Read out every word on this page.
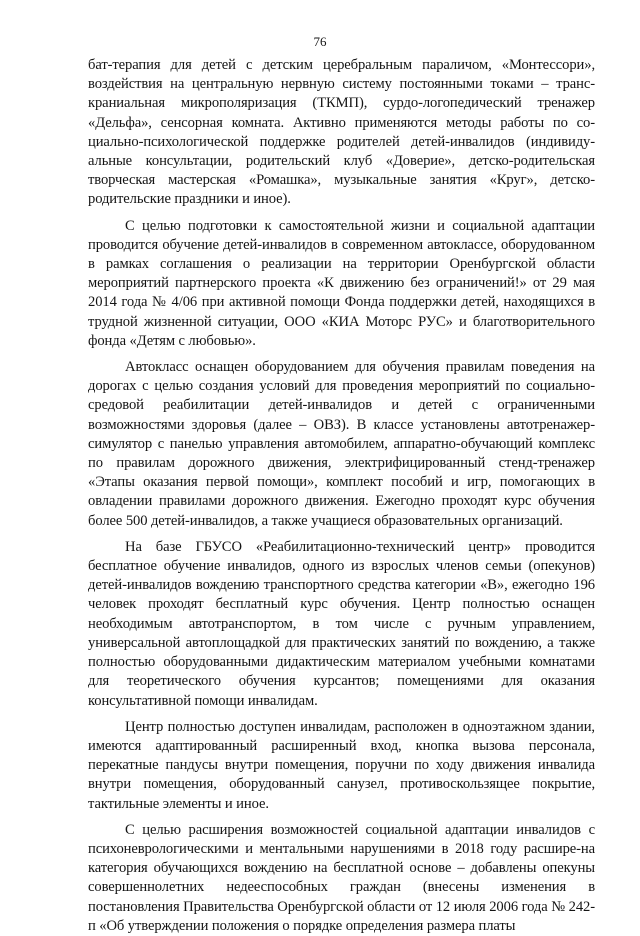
76

бат-терапия для детей с детским церебральным параличом, «Монтессори», воздействия на центральную нервную систему постоянными токами – транс-краниальная микрополяризация (ТКМП), сурдо-логопедический тренажер «Дельфа», сенсорная комната. Активно применяются методы работы по со-циально-психологической поддержке родителей детей-инвалидов (индивиду-альные консультации, родительский клуб «Доверие», детско-родительская творческая мастерская «Ромашка», музыкальные занятия «Круг», детско-родительские праздники и иное).

С целью подготовки к самостоятельной жизни и социальной адаптации проводится обучение детей-инвалидов в современном автоклассе, оборудованном в рамках соглашения о реализации на территории Оренбургской области мероприятий партнерского проекта «К движению без ограничений!» от 29 мая 2014 года № 4/06 при активной помощи Фонда поддержки детей, находящихся в трудной жизненной ситуации, ООО «КИА Моторс РУС» и благотворительного фонда «Детям с любовью».

Автокласс оснащен оборудованием для обучения правилам поведения на дорогах с целью создания условий для проведения мероприятий по социально-средовой реабилитации детей-инвалидов и детей с ограниченными возможностями здоровья (далее – ОВЗ). В классе установлены автотренажер-симулятор с панелью управления автомобилем, аппаратно-обучающий комплекс по правилам дорожного движения, электрифицированный стенд-тренажер «Этапы оказания первой помощи», комплект пособий и игр, помогающих в овладении правилами дорожного движения. Ежегодно проходят курс обучения более 500 детей-инвалидов, а также учащиеся образовательных организаций.

На базе ГБУСО «Реабилитационно-технический центр» проводится бесплатное обучение инвалидов, одного из взрослых членов семьи (опекунов) детей-инвалидов вождению транспортного средства категории «В», ежегодно 196 человек проходят бесплатный курс обучения. Центр полностью оснащен необходимым автотранспортом, в том числе с ручным управлением, универсальной автоплощадкой для практических занятий по вождению, а также полностью оборудованными дидактическим материалом учебными комнатами для теоретического обучения курсантов; помещениями для оказания консультативной помощи инвалидам.

Центр полностью доступен инвалидам, расположен в одноэтажном здании, имеются адаптированный расширенный вход, кнопка вызова персонала, перекатные пандусы внутри помещения, поручни по ходу движения инвалида внутри помещения, оборудованный санузел, противоскользящее покрытие, тактильные элементы и иное.

С целью расширения возможностей социальной адаптации инвалидов с психоневрологическими и ментальными нарушениями в 2018 году расшире-на категория обучающихся вождению на бесплатной основе – добавлены опекуны совершеннолетних недееспособных граждан (внесены изменения в постановления Правительства Оренбургской области от 12 июля 2006 года № 242-п «Об утверждении положения о порядке определения размера платы
